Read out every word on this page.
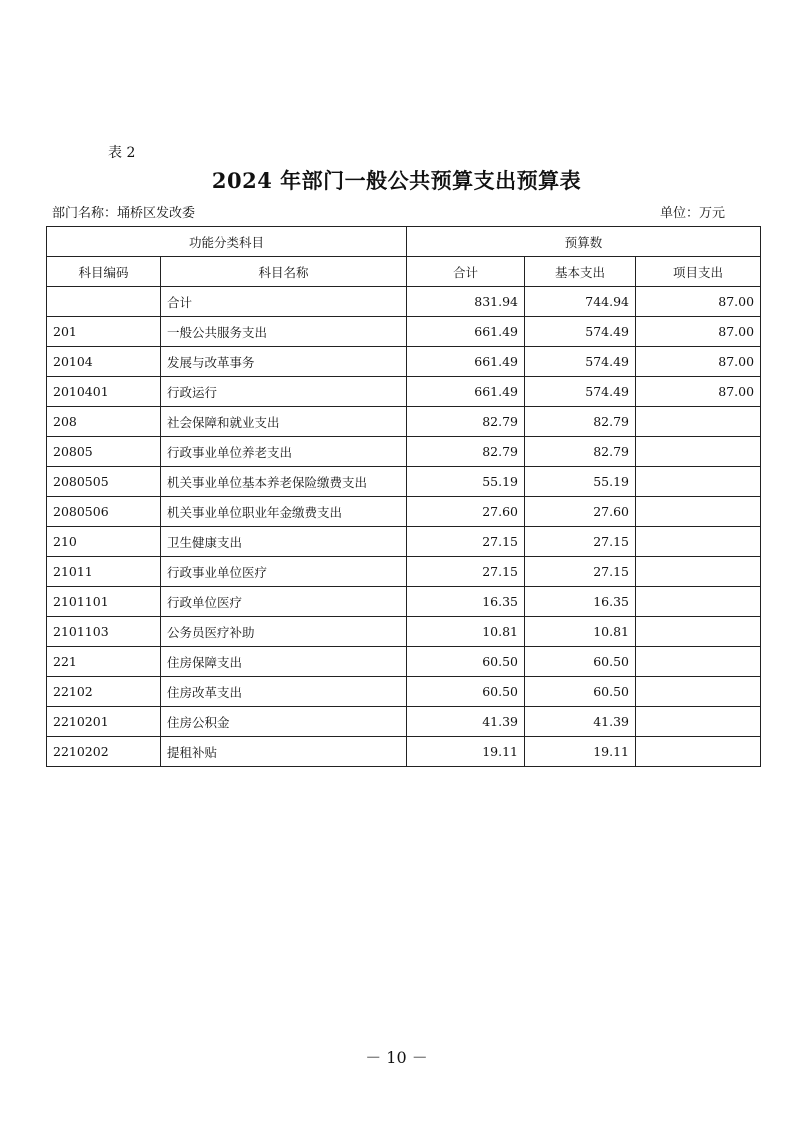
表 2
2024 年部门一般公共预算支出预算表
部门名称：埇桥区发改委	单位：万元
功能分类科目		预算数		
科目编码	科目名称	合计	基本支出	项目支出
	合计	831.94	744.94	87.00
201	一般公共服务支出	661.49	574.49	87.00
20104	发展与改革事务	661.49	574.49	87.00
2010401	行政运行	661.49	574.49	87.00
208	社会保障和就业支出	82.79	82.79	
20805	行政事业单位养老支出	82.79	82.79	
2080505	机关事业单位基本养老保险缴费支出	55.19	55.19	
2080506	机关事业单位职业年金缴费支出	27.60	27.60	
210	卫生健康支出	27.15	27.15	
21011	行政事业单位医疗	27.15	27.15	
2101101	行政单位医疗	16.35	16.35	
2101103	公务员医疗补助	10.81	10.81	
221	住房保障支出	60.50	60.50	
22102	住房改革支出	60.50	60.50	
2210201	住房公积金	41.39	41.39	
2210202	提租补贴	19.11	19.11	
－ 10 －
